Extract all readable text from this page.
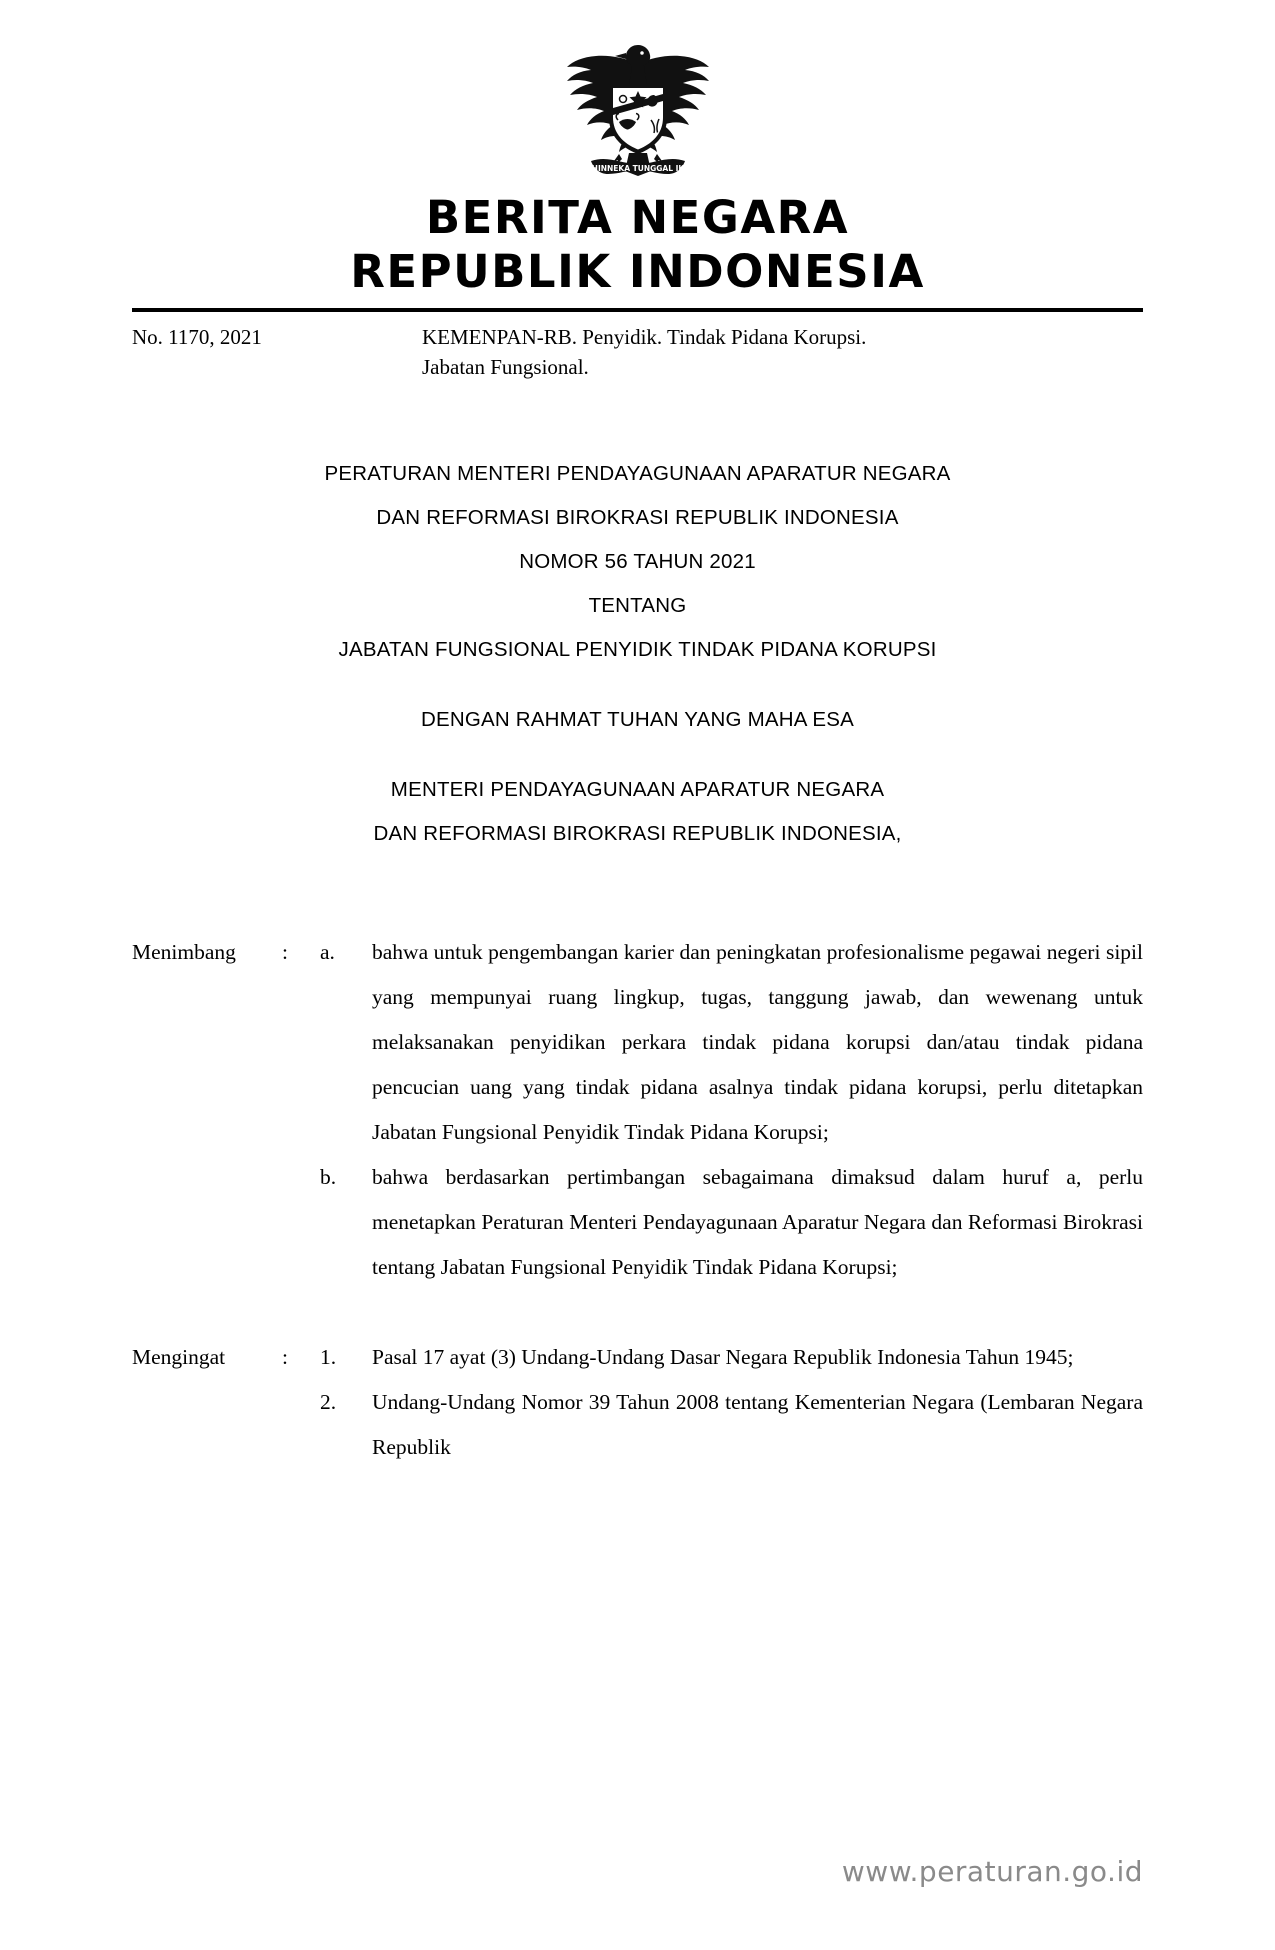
BHINNEKA TUNGGAL IKA
BERITA NEGARA
REPUBLIK INDONESIA
No. 1170, 2021	KEMENPAN-RB. Penyidik. Tindak Pidana Korupsi.
Jabatan Fungsional.
PERATURAN MENTERI PENDAYAGUNAAN APARATUR NEGARA
DAN REFORMASI BIROKRASI REPUBLIK INDONESIA
NOMOR 56 TAHUN 2021
TENTANG
JABATAN FUNGSIONAL PENYIDIK TINDAK PIDANA KORUPSI
DENGAN RAHMAT TUHAN YANG MAHA ESA
MENTERI PENDAYAGUNAAN APARATUR NEGARA
DAN REFORMASI BIROKRASI REPUBLIK INDONESIA,
Menimbang	:	a.	bahwa untuk pengembangan karier dan peningkatan profesionalisme pegawai negeri sipil yang mempunyai ruang lingkup, tugas, tanggung jawab, dan wewenang untuk melaksanakan penyidikan perkara tindak pidana korupsi dan/atau tindak pidana pencucian uang yang tindak pidana asalnya tindak pidana korupsi, perlu ditetapkan Jabatan Fungsional Penyidik Tindak Pidana Korupsi;
b.	bahwa berdasarkan pertimbangan sebagaimana dimaksud dalam huruf a, perlu menetapkan Peraturan Menteri Pendayagunaan Aparatur Negara dan Reformasi Birokrasi tentang Jabatan Fungsional Penyidik Tindak Pidana Korupsi;
Mengingat	:	1.	Pasal 17 ayat (3) Undang-Undang Dasar Negara Republik Indonesia Tahun 1945;
2.	Undang-Undang Nomor 39 Tahun 2008 tentang Kementerian Negara (Lembaran Negara Republik
www.peraturan.go.id
